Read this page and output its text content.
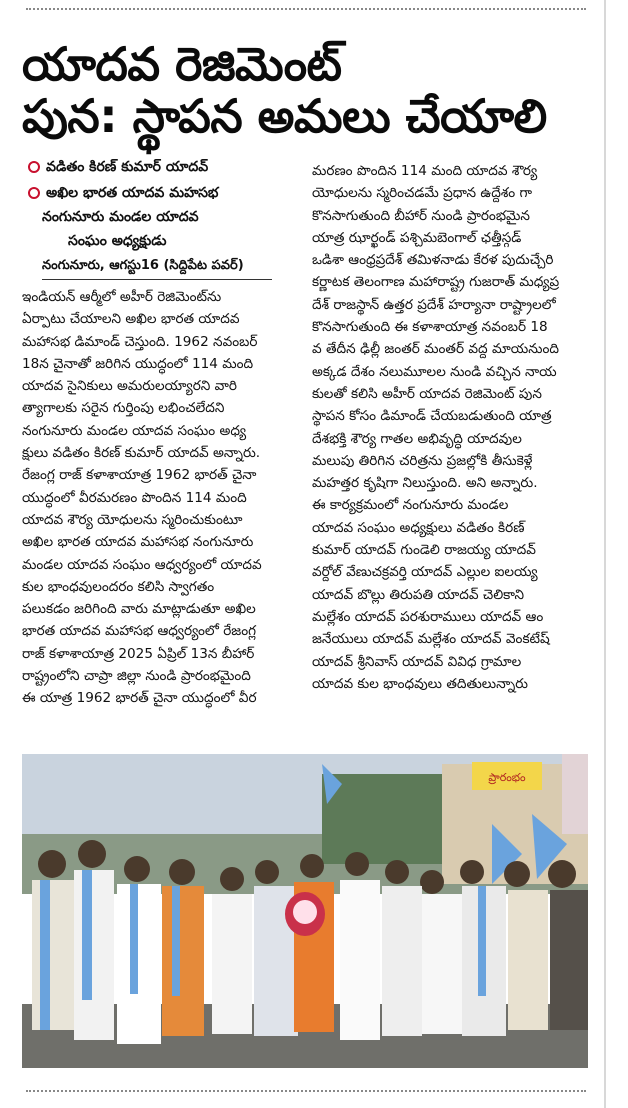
యాదవ రెజిమెంట్
పున: స్థాపన అమలు చేయాలి
వడితం కిరణ్ కుమార్ యాదవ్
అఖిల భారత యాదవ మహసభ
నంగునూరు మండల యాదవ
సంఘం అధ్యక్షుడు
నంగునూరు, ఆగస్టు16 (సిద్దిపేట పవర్)
ఇండియన్ ఆర్మీలో అహీర్ రెజిమెంట్‌ను
ఏర్పాటు చేయాలని అఖిల భారత యాదవ
మహాసభ డిమాండ్ చెస్తుంది. 1962 నవంబర్
18న చైనాతో జరిగిన యుద్ధంలో 114 మంది
యాదవ సైనికులు అమరులయ్యారని వారి
త్యాగాలకు సరైన గుర్తింపు లభించలేదని
నంగునూరు మండల యాదవ సంఘం అధ్య
క్షులు వడితం కిరణ్ కుమార్ యాదవ్ అన్నారు.
రేజంగ్ల రాజ్ కళాశాయాత్ర 1962 భారత్ చైనా
యుద్ధంలో వీరమరణం పొందిన 114 మంది
యాదవ శౌర్య యోధులను స్మరించుకుంటూ
అఖిల భారత యాదవ మహాసభ నంగునూరు
మండల యాదవ సంఘం ఆధ్వర్యంలో యాదవ
కుల భాంధవులందరం కలిసి స్వాగతం
పలుకడం జరిగింది వారు మాట్లాడుతూ అఖిల
భారత యాదవ మహాసభ ఆధ్వర్యంలో రేజంగ్ల
రాజ్ కళాశాయాత్ర 2025 ఏప్రిల్ 13న బీహార్
రాష్ట్రంలోని చాప్రా జిల్లా నుండి ప్రారంభమైంది
ఈ యాత్ర 1962 భారత్ చైనా యుద్ధంలో వీర
మరణం పొందిన 114 మంది యాదవ శౌర్య
యోధులను స్మరించడమే ప్రధాన ఉద్దేశం గా
కొనసాగుతుంది బీహార్ నుండి ప్రారంభమైన
యాత్ర ఝార్ఖండ్ పశ్చిమబెంగాల్ ఛత్తీస్గడ్
ఒడిశా ఆంధ్రప్రదేశ్ తమిళనాడు కేరళ పుదుచ్చేరి
కర్ణాటక తెలంగాణ మహారాష్ట్ర గుజరాత్ మధ్యప్ర
దేశ్ రాజస్థాన్ ఉత్తర ప్రదేశ్ హర్యానా రాష్ట్రాలలో
కొనసాగుతుంది ఈ కళాశాయాత్ర నవంబర్ 18
వ తేదీన ఢిల్లీ జంతర్ మంతర్ వద్ద మాయనుంది
అక్కడ దేశం నలుమూలల నుండి వచ్చిన నాయ
కులతో కలిసి అహీర్ యాదవ రెజిమెంట్ పున
స్థాపన కోసం డిమాండ్ చేయబడుతుంది యాత్ర
దేశభక్తి శౌర్య గాతల అభివృద్ధి యాదవుల
మలుపు తిరిగిన చరిత్రను ప్రజల్లోకి తీసుకెళ్లే
మహత్తర కృషిగా నిలుస్తుంది. అని అన్నారు.
ఈ కార్యక్రమంలో నంగునూరు మండల
యాదవ సంఘం అధ్యక్షులు వడితం కిరణ్
కుమార్ యాదవ్ గుండెలి రాజయ్య యాదవ్
వర్దోల్ వేణుచక్రవర్తి యాదవ్ ఎల్లుల ఐలయ్య
యాదవ్ బొల్లు తిరుపతి యాదవ్ చెలికాని
మల్లేశం యాదవ్ పరశురాములు యాదవ్ ఆం
జనేయులు యాదవ్ మల్లేశం యాదవ్ వెంకటేష్
యాదవ్ శ్రీనివాస్ యాదవ్ వివిధ గ్రామాల
యాదవ కుల భాంధవులు తదితులున్నారు
ప్రారంభం
